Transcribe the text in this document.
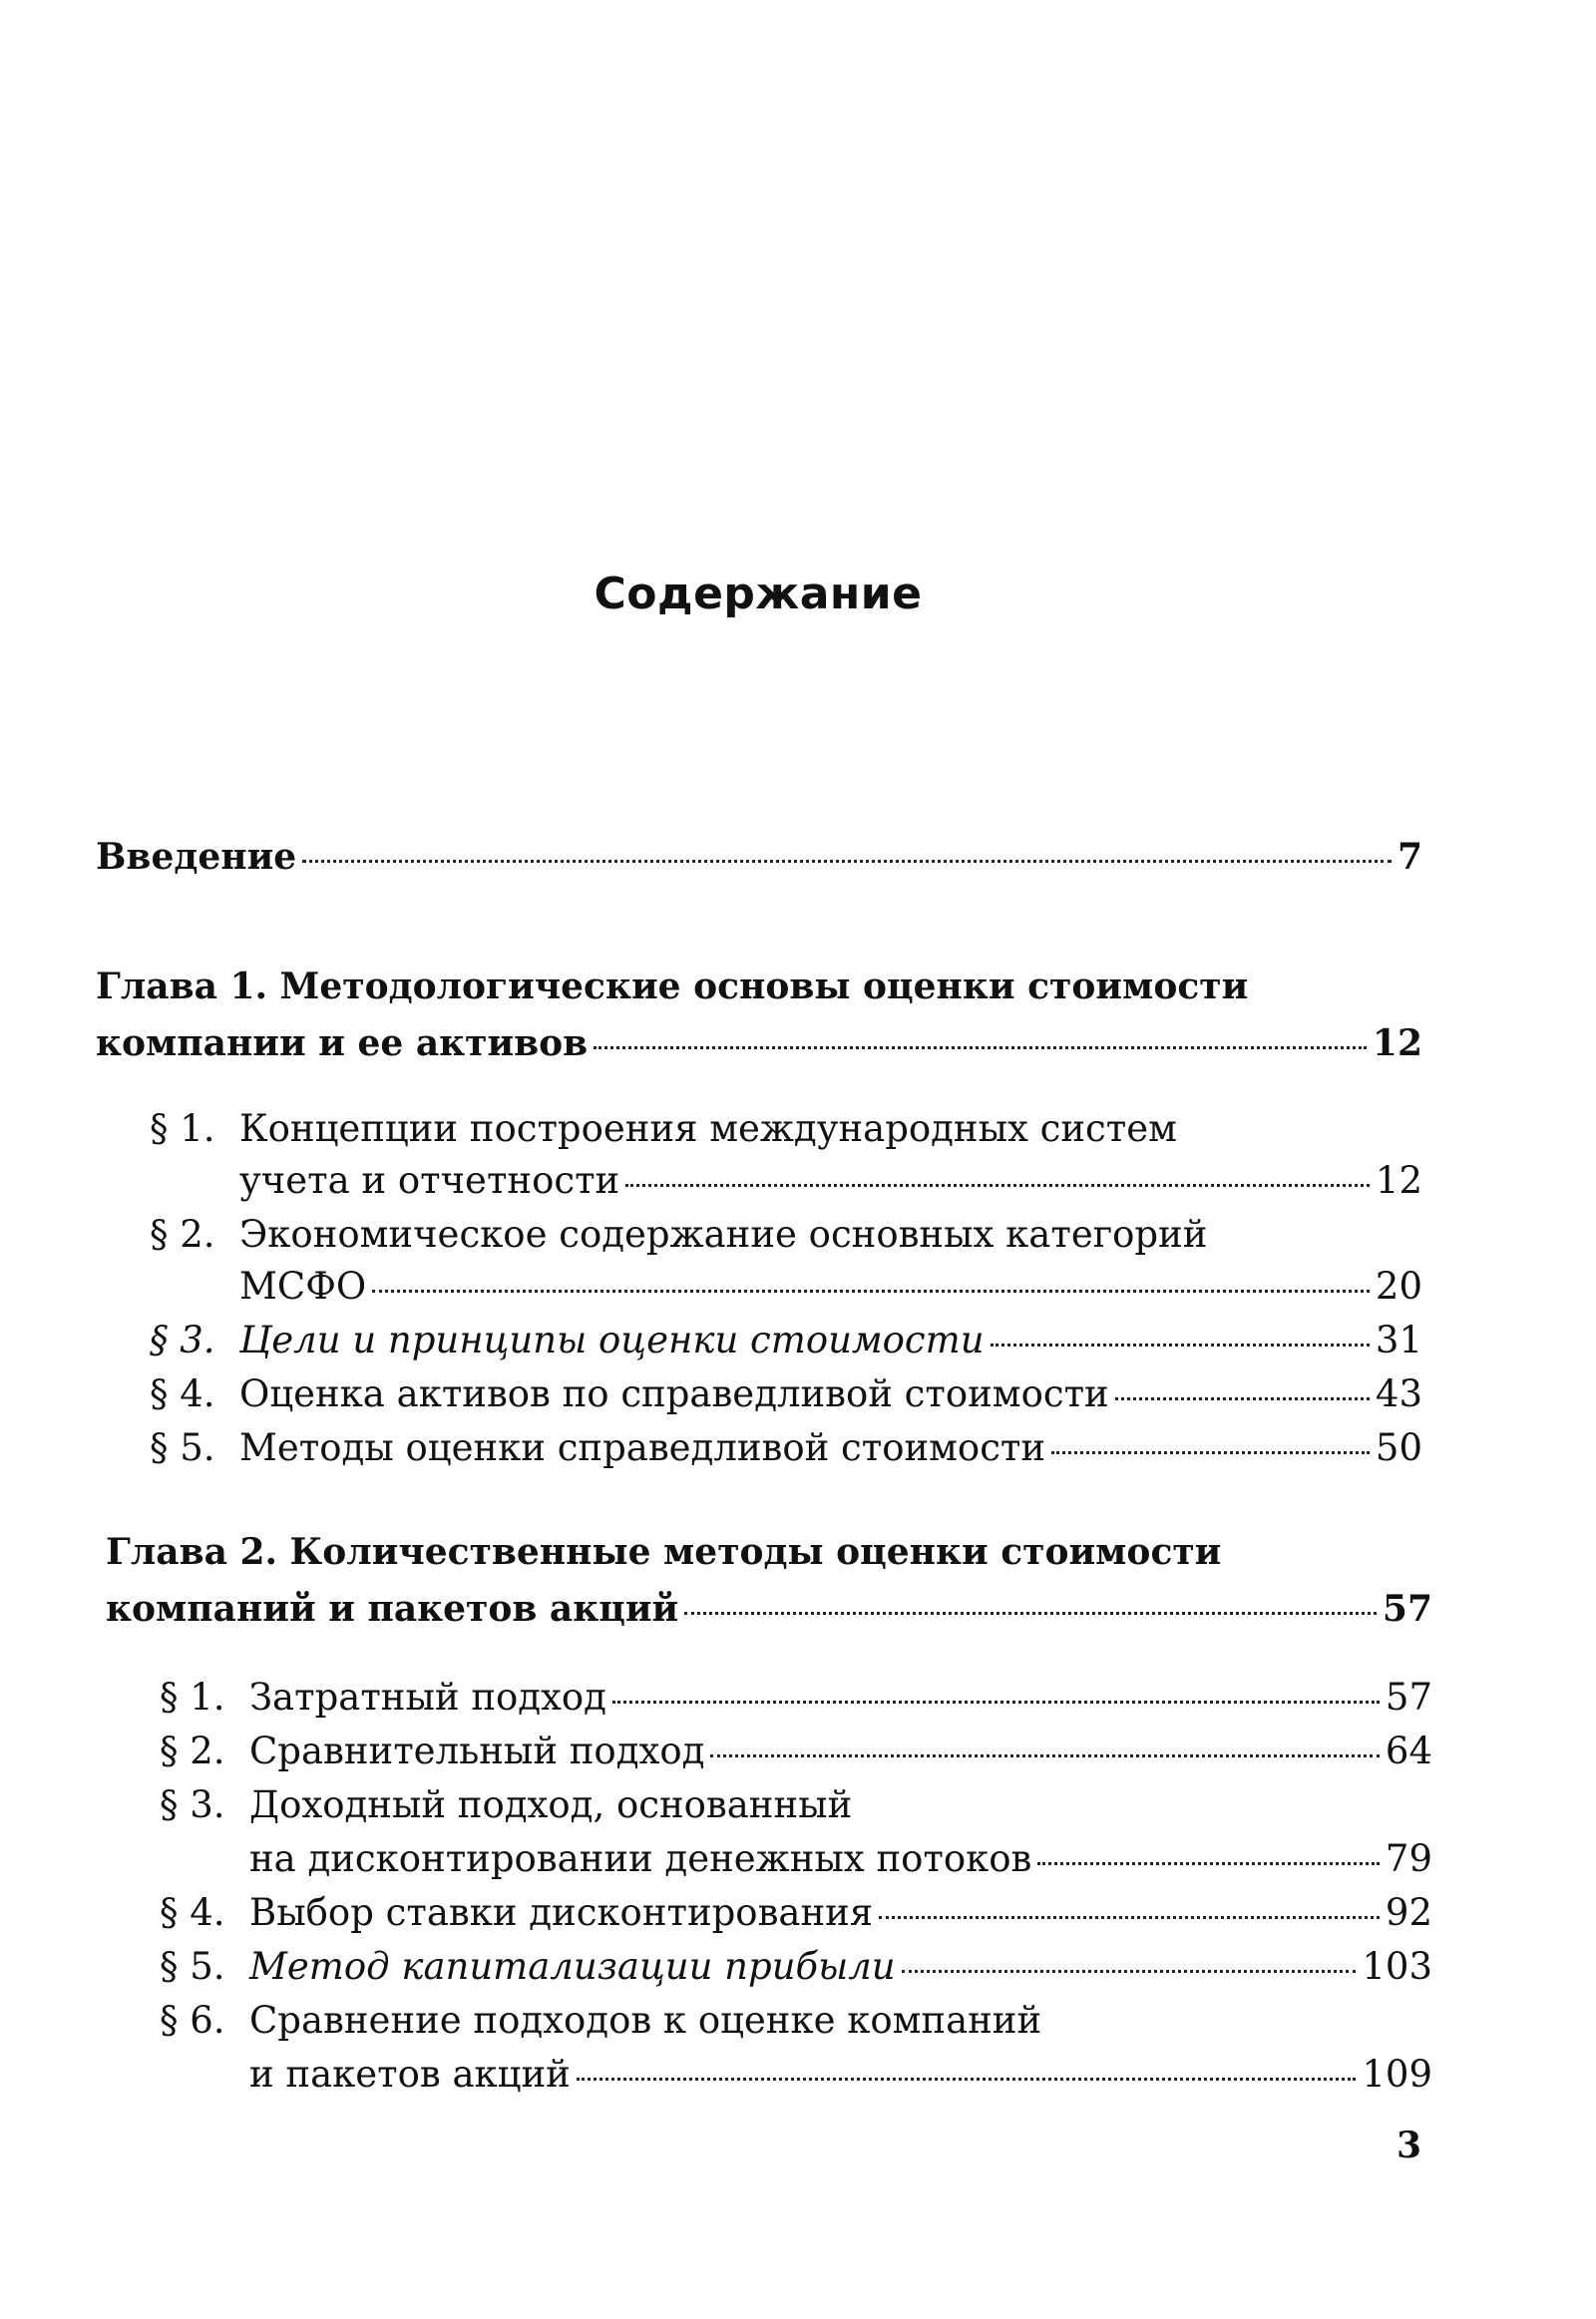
Содержание
Введение	7
Глава 1. Методологические основы оценки стоимости
компании и ее активов	12
§ 1. Концепции построения международных систем
учета и отчетности	12
§ 2. Экономическое содержание основных категорий
МСФО	20
§ 3. Цели и принципы оценки стоимости	31
§ 4. Оценка активов по справедливой стоимости	43
§ 5. Методы оценки справедливой стоимости	50
Глава 2. Количественные методы оценки стоимости
компаний и пакетов акций	57
§ 1. Затратный подход	57
§ 2. Сравнительный подход	64
§ 3. Доходный подход, основанный
на дисконтировании денежных потоков	79
§ 4. Выбор ставки дисконтирования	92
§ 5. Метод капитализации прибыли	103
§ 6. Сравнение подходов к оценке компаний
и пакетов акций	109
3
